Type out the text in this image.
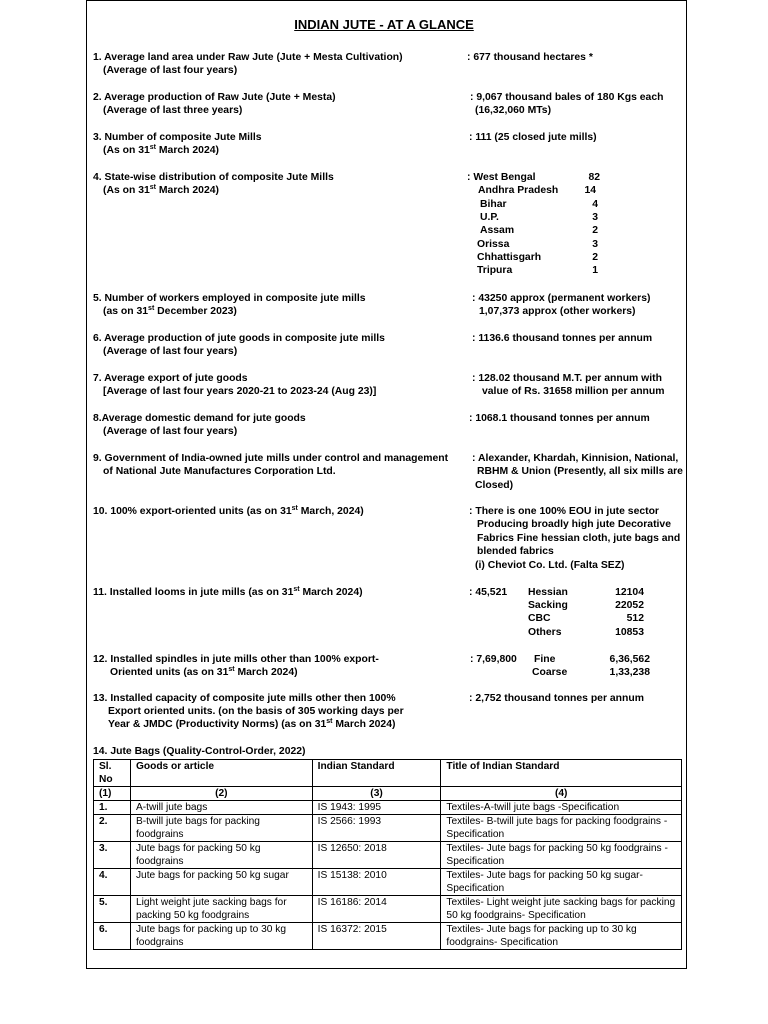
INDIAN JUTE - AT A GLANCE
1. Average land area under Raw Jute (Jute + Mesta Cultivation)
(Average of last four years)
: 677 thousand hectares *
2. Average production of Raw Jute (Jute + Mesta)
(Average of last three years)
: 9,067 thousand bales of 180 Kgs each
(16,32,060 MTs)
3. Number of composite Jute Mills
(As on 31st March 2024)
: 111 (25 closed jute mills)
4. State-wise distribution of composite Jute Mills
(As on 31st March 2024)
: West Bengal	82
Andhra Pradesh	14
Bihar	4
U.P.	3
Assam	2
Orissa	3
Chhattisgarh	2
Tripura	1
5. Number of workers employed in composite jute mills
(as on 31st December 2023)
: 43250 approx (permanent workers)
1,07,373 approx (other workers)
6. Average production of jute goods in composite jute mills
(Average of last four years)
: 1136.6 thousand tonnes per annum
7. Average export of jute goods
[Average of last four years 2020-21 to 2023-24 (Aug 23)]
: 128.02 thousand M.T. per annum with
value of Rs. 31658 million per annum
8.Average domestic demand for jute goods
(Average of last four years)
: 1068.1 thousand tonnes per annum
9. Government of India-owned jute mills under control and management
of National Jute Manufactures Corporation Ltd.
: Alexander, Khardah, Kinnision, National,
RBHM & Union (Presently, all six mills are
Closed)
10. 100% export-oriented units (as on 31st March, 2024)	: There is one 100% EOU in jute sector
Producing broadly high jute Decorative
Fabrics Fine hessian cloth, jute bags and
blended fabrics
(i) Cheviot Co. Ltd. (Falta SEZ)
11. Installed looms in jute mills (as on 31st March 2024)	: 45,521 Hessian	12104
Sacking	22052
CBC	512
Others	10853
12. Installed spindles in jute mills other than 100% export-
Oriented units (as on 31st March 2024)
: 7,69,800 Fine	6,36,562
Coarse	1,33,238
13. Installed capacity of composite jute mills other then 100%
Export oriented units. (on the basis of 305 working days per
Year & JMDC (Productivity Norms) (as on 31st March 2024)
: 2,752 thousand tonnes per annum
14. Jute Bags (Quality-Control-Order, 2022)
Sl.
No	Goods or article	Indian Standard	Title of Indian Standard
(1)	(2)	(3)	(4)
1.	A-twill jute bags	IS 1943: 1995	Textiles-A-twill jute bags -Specification
2.	B-twill jute bags for packing foodgrains	IS 2566: 1993	Textiles- B-twill jute bags for packing foodgrains - Specification
3.	Jute bags for packing 50 kg foodgrains	IS 12650: 2018	Textiles- Jute bags for packing 50 kg foodgrains - Specification
4.	Jute bags for packing 50 kg sugar	IS 15138: 2010	Textiles- Jute bags for packing 50 kg sugar- Specification
5.	Light weight jute sacking bags for packing 50 kg foodgrains	IS 16186: 2014	Textiles- Light weight jute sacking bags for packing 50 kg foodgrains- Specification
6.	Jute bags for packing up to 30 kg foodgrains	IS 16372: 2015	Textiles- Jute bags for packing up to 30 kg foodgrains- Specification
